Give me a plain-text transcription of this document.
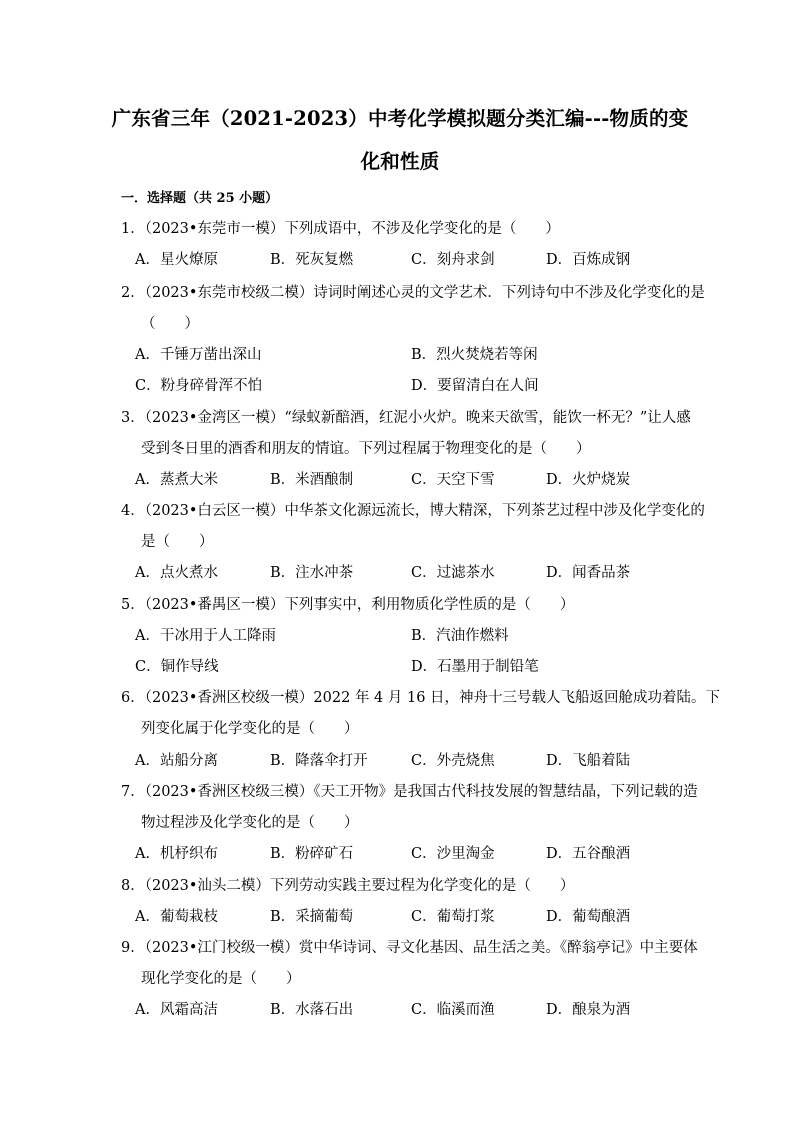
广东省三年（2021-2023）中考化学模拟题分类汇编---物质的变
化和性质
一．选择题（共 25 小题）
1．（2023•东莞市一模）下列成语中，不涉及化学变化的是（　　）
A．星火燎原	B．死灰复燃	C．刻舟求剑	D．百炼成钢
2．（2023•东莞市校级二模）诗词时阐述心灵的文学艺术．下列诗句中不涉及化学变化的是
（　　）
A．千锤万凿出深山	B．烈火焚烧若等闲
C．粉身碎骨浑不怕	D．要留清白在人间
3．（2023•金湾区一模）“绿蚁新醅酒，红泥小火炉。晚来天欲雪，能饮一杯无？”让人感
受到冬日里的酒香和朋友的情谊。下列过程属于物理变化的是（　　）
A．蒸煮大米	B．米酒酿制	C．天空下雪	D．火炉烧炭
4．（2023•白云区一模）中华茶文化源远流长，博大精深，下列茶艺过程中涉及化学变化的
是（　　）
A．点火煮水	B．注水冲茶	C．过滤茶水	D．闻香品茶
5．（2023•番禺区一模）下列事实中，利用物质化学性质的是（　　）
A．干冰用于人工降雨	B．汽油作燃料
C．铜作导线	D．石墨用于制铅笔
6．（2023•香洲区校级一模）2022 年 4 月 16 日，神舟十三号载人飞船返回舱成功着陆。下
列变化属于化学变化的是（　　）
A．站船分离	B．降落伞打开	C．外壳烧焦	D．飞船着陆
7．（2023•香洲区校级三模）《天工开物》是我国古代科技发展的智慧结晶，下列记载的造
物过程涉及化学变化的是（　　）
A．机杼织布	B．粉碎矿石	C．沙里淘金	D．五谷酿酒
8．（2023•汕头二模）下列劳动实践主要过程为化学变化的是（　　）
A．葡萄栽枝	B．采摘葡萄	C．葡萄打浆	D．葡萄酿酒
9．（2023•江门校级一模）赏中华诗词、寻文化基因、品生活之美。《醉翁亭记》中主要体
现化学变化的是（　　）
A．风霜高洁	B．水落石出	C．临溪而渔	D．酿泉为酒
